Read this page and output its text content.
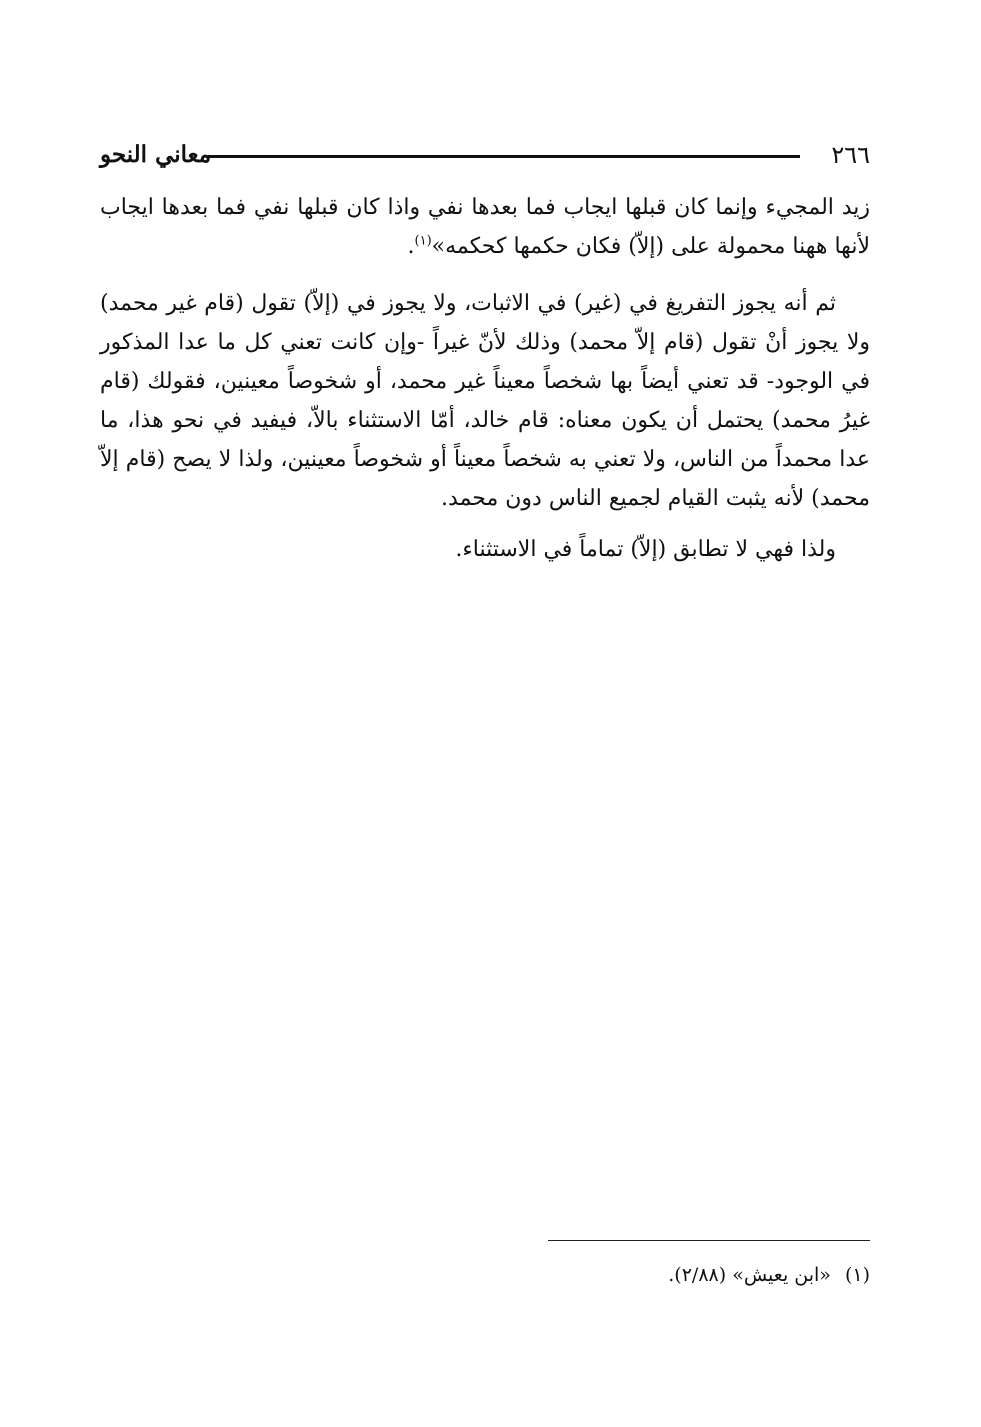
٢٦٦
معاني النحو

زيد المجيء وإنما كان قبلها ايجاب فما بعدها نفي واذا كان قبلها نفي فما بعدها ايجاب لأنها ههنا محمولة على (إلاّ) فكان حكمها كحكمه»$^{(١)}$.

ثم أنه يجوز التفريغ في (غير) في الاثبات، ولا يجوز في (إلاّ) تقول (قام غير محمد) ولا يجوز أنْ تقول (قام إلاّ محمد) وذلك لأنّ غيراً -وإن كانت تعني كل ما عدا المذكور في الوجود- قد تعني أيضاً بها شخصاً معيناً غير محمد، أو شخوصاً معينين، فقولك (قام غيرُ محمد) يحتمل أن يكون معناه: قام خالد، أمّا الاستثناء بالاّ، فيفيد في نحو هذا، ما عدا محمداً من الناس، ولا تعني به شخصاً معيناً أو شخوصاً معينين، ولذا لا يصح (قام إلاّ محمد) لأنه يثبت القيام لجميع الناس دون محمد.

ولذا فهي لا تطابق (إلاّ) تماماً في الاستثناء.

(١)«ابن يعيش» (٢/٨٨).
